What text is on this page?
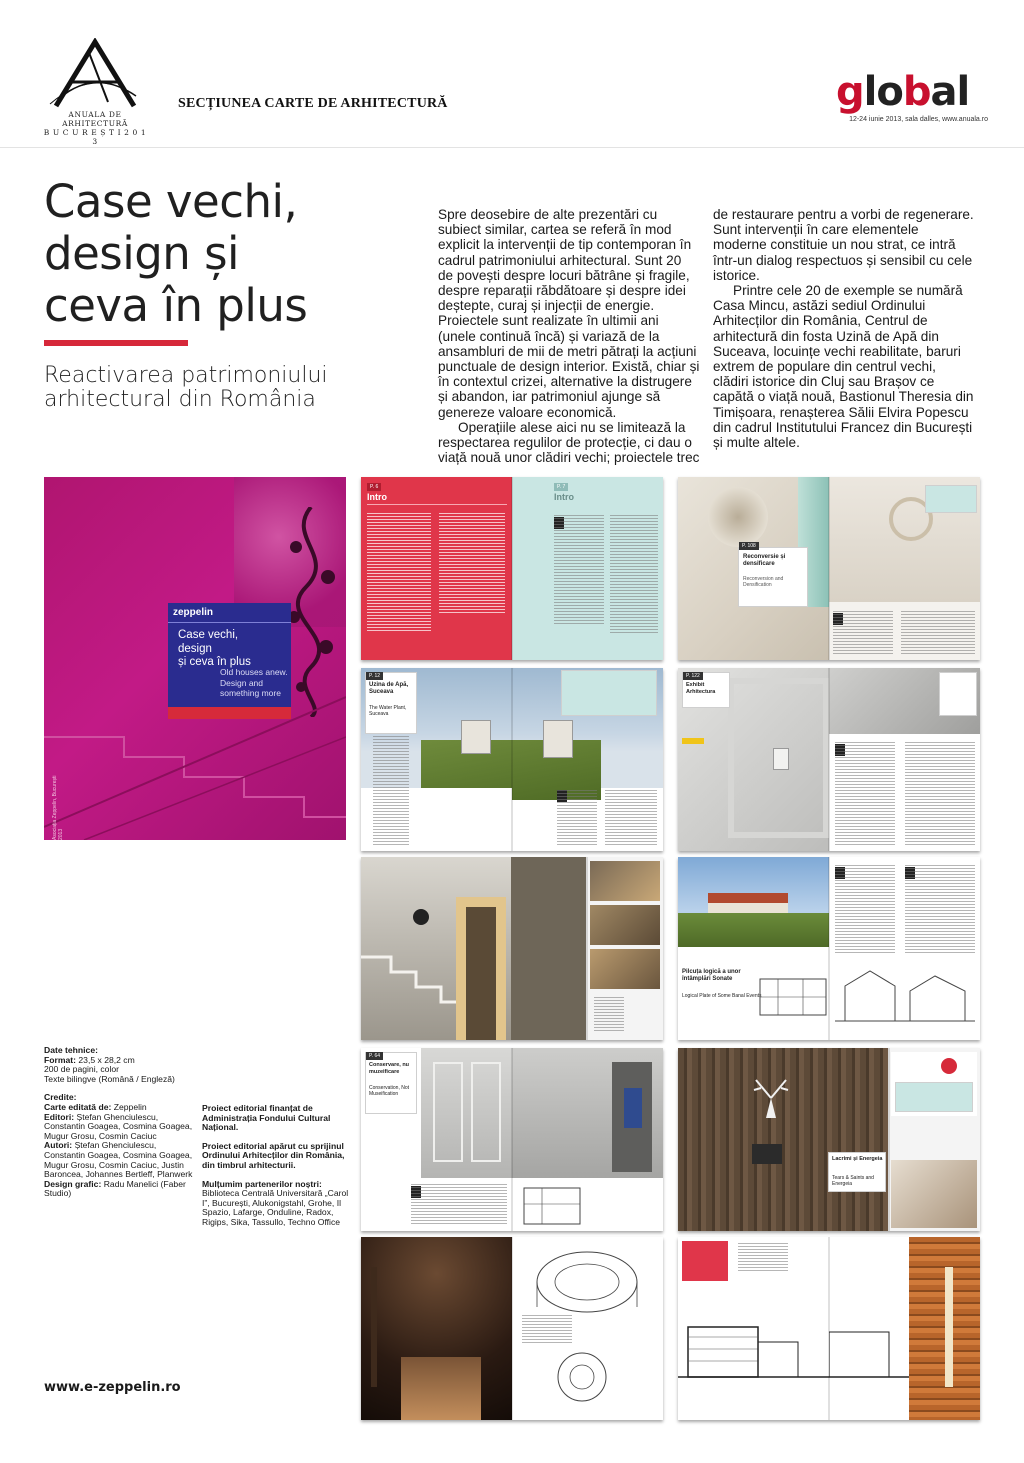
ANUALA DE ARHITECTURĂ
B U C U R E Ș T I 2 0 1 3
SECȚIUNEA CARTE DE ARHITECTURĂ	global
12-24 iunie 2013, sala dalles, www.anuala.ro
Case vechi,
design și
ceva în plus
Reactivarea patrimoniului
arhitectural din România

Spre deosebire de alte prezentări cu subiect similar, cartea se referă în mod explicit la intervenții de tip contemporan în cadrul patrimoniului arhitectural. Sunt 20 de povești despre locuri bătrâne și fragile, despre reparații răbdătoare și despre idei deștepte, curaj și injecții de energie. Proiectele sunt realizate în ultimii ani (unele continuă încă) și variază de la ansambluri de mii de metri pătrați la acțiuni punctuale de design interior. Există, chiar și în contextul crizei, alternative la distrugere și abandon, iar patrimoniul ajunge să genereze valoare economică.

Operațiile alese aici nu se limitează la respectarea regulilor de protecție, ci dau o viață nouă unor clădiri vechi; proiectele trec

de restaurare pentru a vorbi de regenerare. Sunt intervenții în care elementele moderne constituie un nou strat, ce intră într-un dialog respectuos și sensibil cu cele istorice.

Printre cele 20 de exemple se numără Casa Mincu, astăzi sediul Ordinului Arhitecților din România, Centrul de arhitectură din fosta Uzină de Apă din Suceava, locuințe vechi reabilitate, baruri extrem de populare din centrul vechi, clădiri istorice din Cluj sau Brașov ce capătă o viață nouă, Bastionul Theresia din Timișoara, renașterea Sălii Elvira Popescu din cadrul Institutului Francez din București și multe altele.

zeppelin
Case vechi,
design
și ceva în plus
Old houses anew.
Design and
something more
Asociația Zeppelin, București 2013
P. 6
Intro
P. 7
Intro
P. 108
Reconversie și densificare
Reconversion and Densification
P. 12
Uzina de Apă, Suceava
The Water Plant, Suceava
P. 122
Exhibit Arhitectura
Pilcuța logică a unor întâmplări Sonate
Logical Plate of Some Banal Events
P. 64
Conservare, nu muzeificare
Conservation, Not Museification
Lacrimi și Energeia
Tears & Saints and Energeia
Date tehnice:
Format: 23,5 x 28,2 cm
200 de pagini, color
Texte bilingve (Română / Engleză)
Credite:
Carte editată de: Zeppelin
Editori: Ștefan Ghenciulescu, Constantin Goagea, Cosmina Goagea, Mugur Grosu, Cosmin Caciuc
Autori: Ștefan Ghenciulescu, Constantin Goagea, Cosmina Goagea, Mugur Grosu, Cosmin Caciuc, Justin Baroncea, Johannes Bertleff, Planwerk
Design grafic: Radu Manelici (Faber Studio)
Proiect editorial finanțat de Administrația Fondului Cultural Național.
Proiect editorial apărut cu sprijinul Ordinului Arhitecților din România, din timbrul arhitecturii.
Mulțumim partenerilor noștri:
Biblioteca Centrală Universitară „Carol I”, București, Alukonigstahl, Grohe, Il Spazio, Lafarge, Onduline, Radox, Rigips, Sika, Tassullo, Techno Office
www.e-zeppelin.ro
